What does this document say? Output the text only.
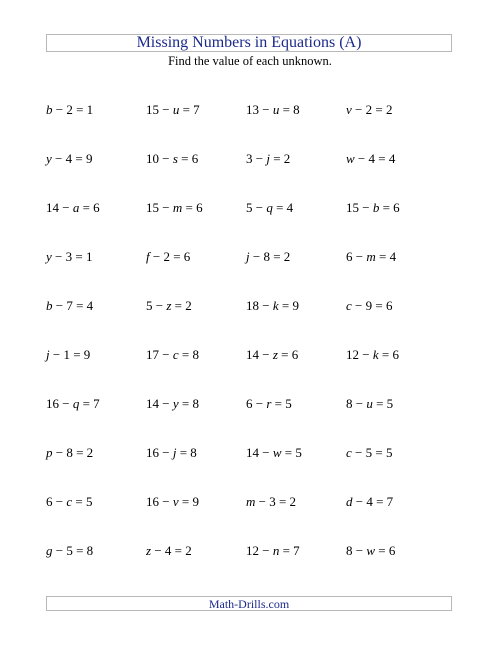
Missing Numbers in Equations (A)
Find the value of each unknown.
b − 2 = 1	15 − u = 7	13 − u = 8	v − 2 = 2
y − 4 = 9	10 − s = 6	3 − j = 2	w − 4 = 4
14 − a = 6	15 − m = 6	5 − q = 4	15 − b = 6
y − 3 = 1	f − 2 = 6	j − 8 = 2	6 − m = 4
b − 7 = 4	5 − z = 2	18 − k = 9	c − 9 = 6
j − 1 = 9	17 − c = 8	14 − z = 6	12 − k = 6
16 − q = 7	14 − y = 8	6 − r = 5	8 − u = 5
p − 8 = 2	16 − j = 8	14 − w = 5	c − 5 = 5
6 − c = 5	16 − v = 9	m − 3 = 2	d − 4 = 7
g − 5 = 8	z − 4 = 2	12 − n = 7	8 − w = 6
Math-Drills.com
